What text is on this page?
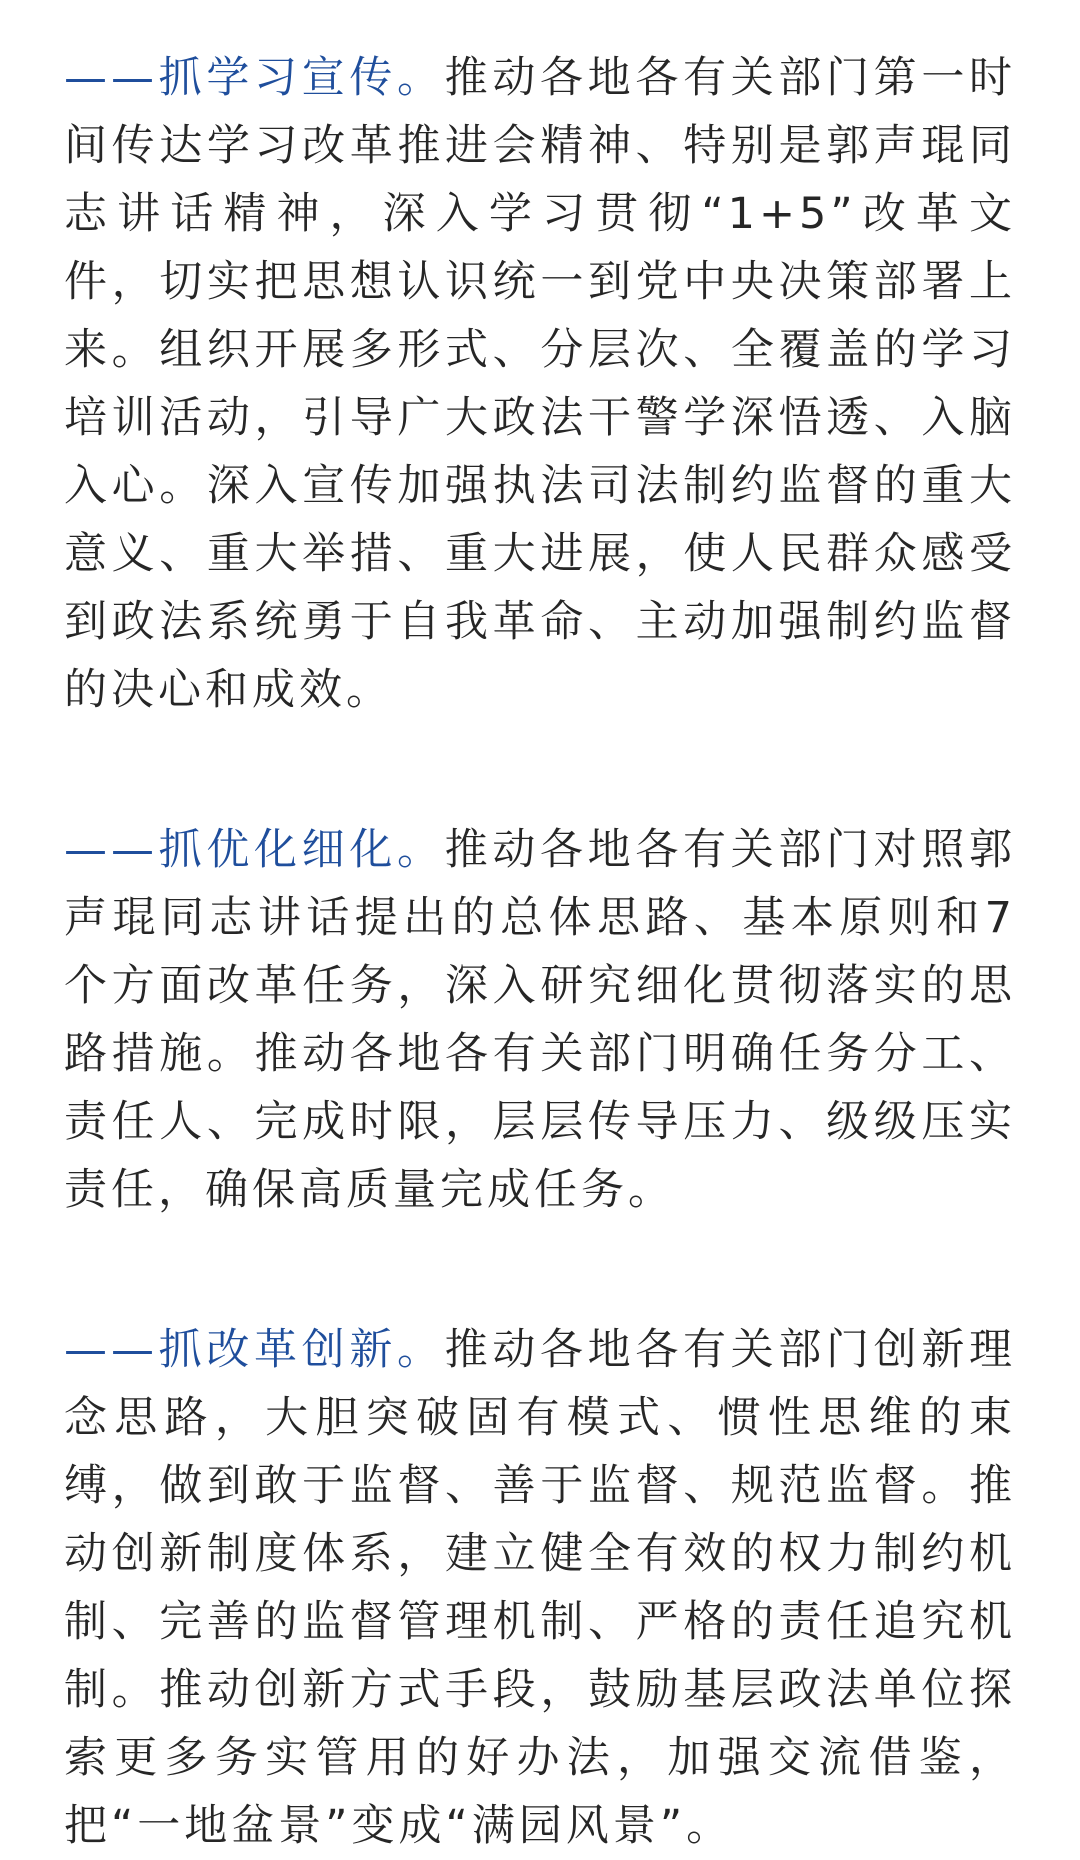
——抓学习宣传。推动各地各有关部门第一时间传达学习改革推进会精神、特别是郭声琨同志讲话精神，深入学习贯彻“1+5”改革文件，切实把思想认识统一到党中央决策部署上来。组织开展多形式、分层次、全覆盖的学习培训活动，引导广大政法干警学深悟透、入脑入心。深入宣传加强执法司法制约监督的重大意义、重大举措、重大进展，使人民群众感受到政法系统勇于自我革命、主动加强制约监督的决心和成效。

——抓优化细化。推动各地各有关部门对照郭声琨同志讲话提出的总体思路、基本原则和7个方面改革任务，深入研究细化贯彻落实的思路措施。推动各地各有关部门明确任务分工、责任人、完成时限，层层传导压力、级级压实责任，确保高质量完成任务。

——抓改革创新。推动各地各有关部门创新理念思路，大胆突破固有模式、惯性思维的束缚，做到敢于监督、善于监督、规范监督。推动创新制度体系，建立健全有效的权力制约机制、完善的监督管理机制、严格的责任追究机制。推动创新方式手段，鼓励基层政法单位探索更多务实管用的好办法，加强交流借鉴，把“一地盆景”变成“满园风景”。
